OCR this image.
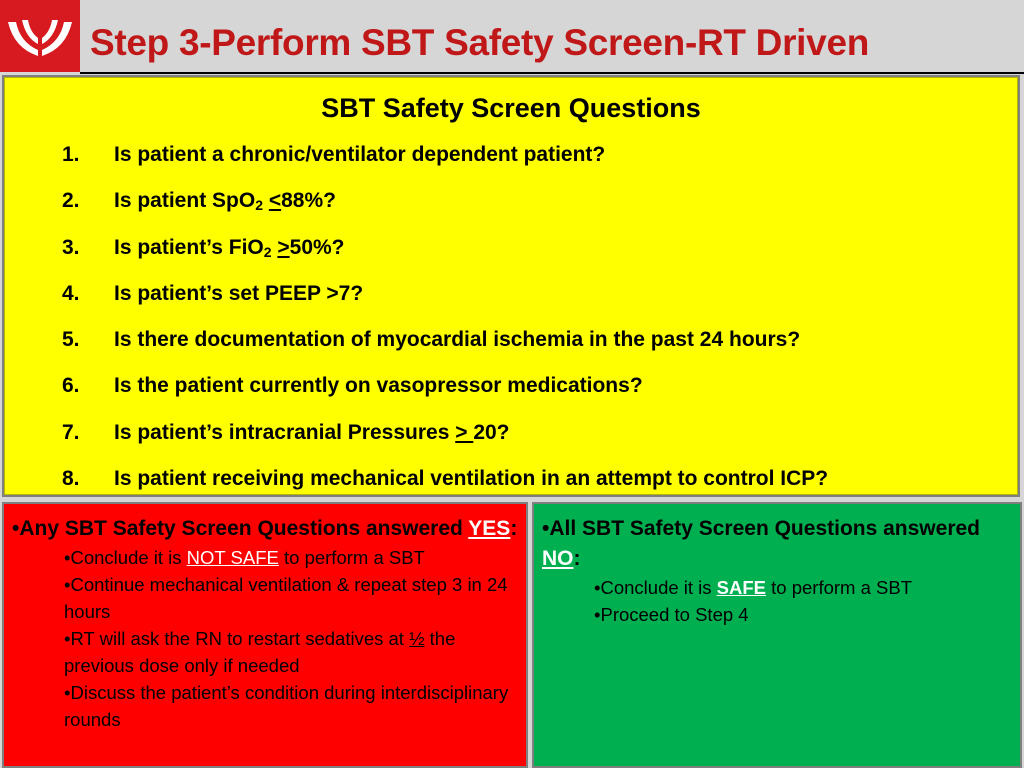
Step 3-Perform SBT Safety Screen-RT Driven
SBT Safety Screen Questions
1. Is patient a chronic/ventilator dependent patient?
2. Is patient SpO$_2$ <88%?
3. Is patient’s FiO$_2$ >50%?
4. Is patient’s set PEEP >7?
5. Is there documentation of myocardial ischemia in the past 24 hours?
6. Is the patient currently on vasopressor medications?
7. Is patient’s intracranial Pressures > 20?
8. Is patient receiving mechanical ventilation in an attempt to control ICP?
•Any SBT Safety Screen Questions answered YES:
•Conclude it is NOT SAFE to perform a SBT
•Continue mechanical ventilation & repeat step 3 in 24 hours
•RT will ask the RN to restart sedatives at ½ the previous dose only if needed
•Discuss the patient’s condition during interdisciplinary rounds
•All SBT Safety Screen Questions answered NO:
•Conclude it is SAFE to perform a SBT
•Proceed to Step 4
